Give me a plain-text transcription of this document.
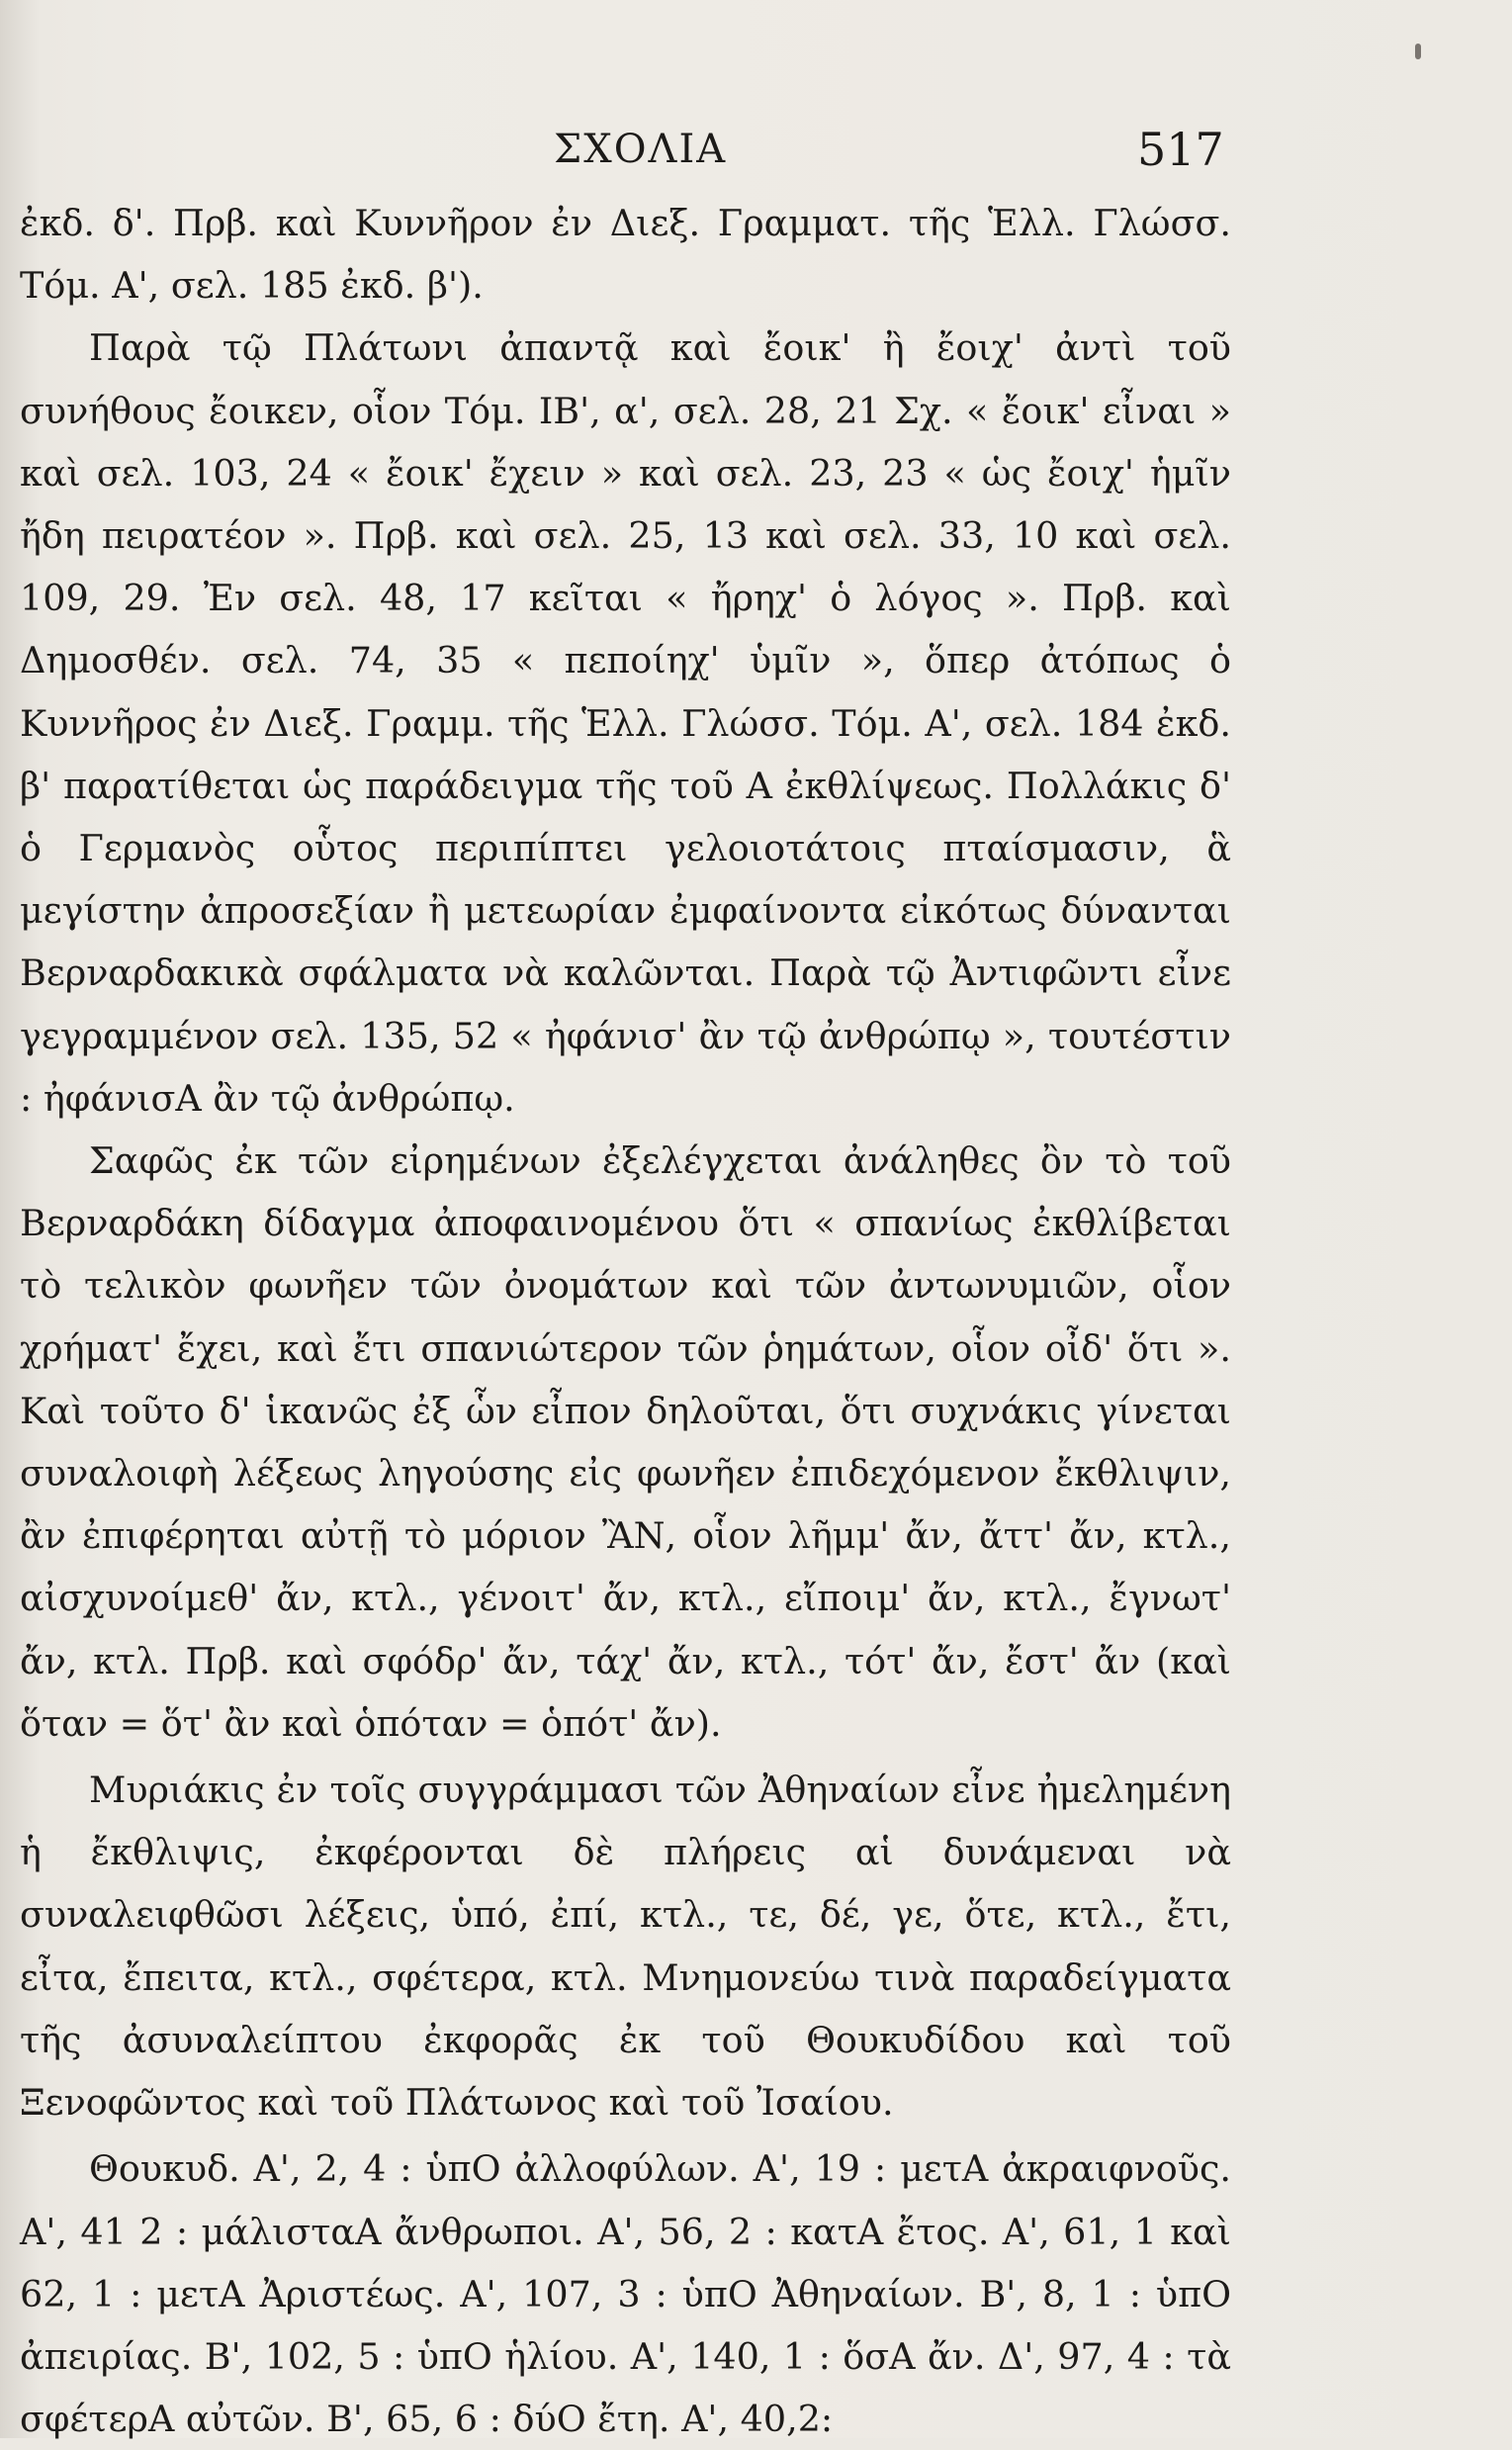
ΣΧΟΛΙΑ	517

ἐκδ. δ'. Πρβ. καὶ Κυννῆρον ἐν Διεξ. Γραμματ. τῆς Ἑλλ. Γλώσσ. Τόμ. Α', σελ. 185 ἐκδ. β').

Παρὰ τῷ Πλάτωνι ἀπαντᾷ καὶ ἔοικ' ἢ ἔοιχ' ἀντὶ τοῦ συνήθους ἔοικεν, οἷον Τόμ. ΙΒ', α', σελ. 28, 21 Σχ. « ἔοικ' εἶναι » καὶ σελ. 103, 24 « ἔοικ' ἔχειν » καὶ σελ. 23, 23 « ὡς ἔοιχ' ἡμῖν ἤδη πειρατέον ». Πρβ. καὶ σελ. 25, 13 καὶ σελ. 33, 10 καὶ σελ. 109, 29. Ἐν σελ. 48, 17 κεῖται « ἤρηχ' ὁ λόγος ». Πρβ. καὶ Δημοσθέν. σελ. 74, 35 « πεποίηχ' ὑμῖν », ὅπερ ἀτόπως ὁ Κυννῆρος ἐν Διεξ. Γραμμ. τῆς Ἑλλ. Γλώσσ. Τόμ. Α', σελ. 184 ἐκδ. β' παρατίθεται ὡς παράδειγμα τῆς τοῦ Α ἐκθλίψεως. Πολλάκις δ' ὁ Γερμανὸς οὗτος περιπίπτει γελοιοτάτοις πταίσμασιν, ἃ μεγίστην ἀπροσεξίαν ἢ μετεωρίαν ἐμφαίνοντα εἰκότως δύνανται Βερναρδακικὰ σφάλματα νὰ καλῶνται. Παρὰ τῷ Ἀντιφῶντι εἶνε γεγραμμένον σελ. 135, 52 « ἠφάνισ' ἂν τῷ ἀνθρώπῳ », τουτέστιν : ἠφάνισΑ ἂν τῷ ἀνθρώπῳ.

Σαφῶς ἐκ τῶν εἰρημένων ἐξελέγχεται ἀνάληθες ὂν τὸ τοῦ Βερναρδάκη δίδαγμα ἀποφαινομένου ὅτι « σπανίως ἐκθλίβεται τὸ τελικὸν φωνῆεν τῶν ὀνομάτων καὶ τῶν ἀντωνυμιῶν, οἷον χρήματ' ἔχει, καὶ ἔτι σπανιώτερον τῶν ῥημάτων, οἷον οἶδ' ὅτι ». Καὶ τοῦτο δ' ἱκανῶς ἐξ ὧν εἶπον δηλοῦται, ὅτι συχνάκις γίνεται συναλοιφὴ λέξεως ληγούσης εἰς φωνῆεν ἐπιδεχόμενον ἔκθλιψιν, ἂν ἐπιφέρηται αὐτῇ τὸ μόριον ἊΝ, οἷον λῆμμ' ἄν, ἄττ' ἄν, κτλ., αἰσχυνοίμεθ' ἄν, κτλ., γένοιτ' ἄν, κτλ., εἴποιμ' ἄν, κτλ., ἔγνωτ' ἄν, κτλ. Πρβ. καὶ σφόδρ' ἄν, τάχ' ἄν, κτλ., τότ' ἄν, ἔστ' ἄν (καὶ ὅταν = ὅτ' ἂν καὶ ὁπόταν = ὁπότ' ἄν).

Μυριάκις ἐν τοῖς συγγράμμασι τῶν Ἀθηναίων εἶνε ἠμελημένη ἡ ἔκθλιψις, ἐκφέρονται δὲ πλήρεις αἱ δυνάμεναι νὰ συναλειφθῶσι λέξεις, ὑπό, ἐπί, κτλ., τε, δέ, γε, ὅτε, κτλ., ἔτι, εἶτα, ἔπειτα, κτλ., σφέτερα, κτλ. Μνημονεύω τινὰ παραδείγματα τῆς ἀσυναλείπτου ἐκφορᾶς ἐκ τοῦ Θουκυδίδου καὶ τοῦ Ξενοφῶντος καὶ τοῦ Πλάτωνος καὶ τοῦ Ἰσαίου.

Θουκυδ. Α', 2, 4 : ὑπΟ ἀλλοφύλων. Α', 19 : μετΑ ἀκραιφνοῦς. Α', 41 2 : μάλισταΑ ἄνθρωποι. Α', 56, 2 : κατΑ ἔτος. Α', 61, 1 καὶ 62, 1 : μετΑ Ἀριστέως. Α', 107, 3 : ὑπΟ Ἀθηναίων. Β', 8, 1 : ὑπΟ ἀπειρίας. Β', 102, 5 : ὑπΟ ἡλίου. Α', 140, 1 : ὅσΑ ἄν. Δ', 97, 4 : τὰ σφέτερΑ αὐτῶν. Β', 65, 6 : δύΟ ἔτη. Α', 40,2:
